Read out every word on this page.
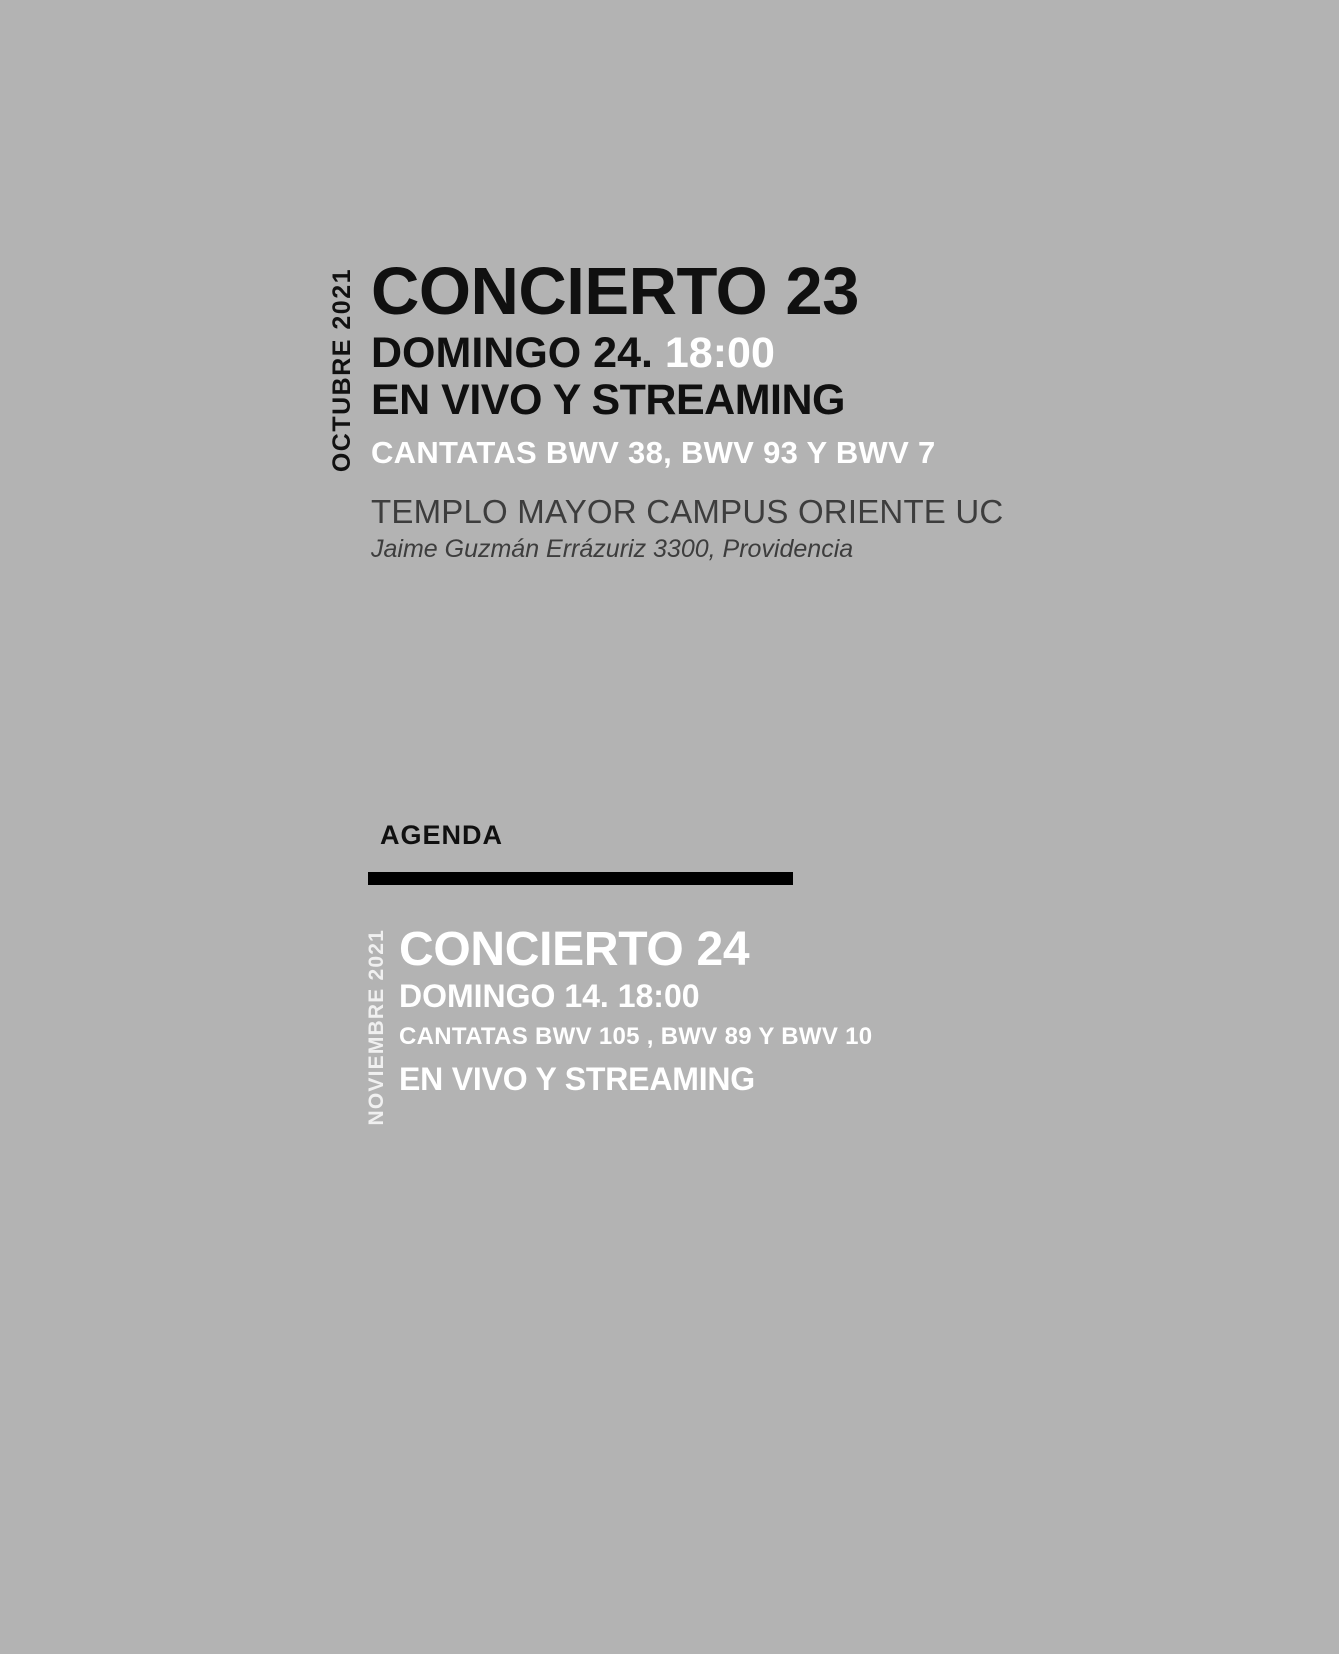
OCTUBRE 2021 CONCIERTO 23
DOMINGO 24. 18:00
EN VIVO Y STREAMING
CANTATAS BWV 38, BWV 93 Y BWV 7
TEMPLO MAYOR CAMPUS ORIENTE UC
Jaime Guzmán Errázuriz 3300, Providencia
AGENDA
NOVIEMBRE 2021 CONCIERTO 24
DOMINGO 14. 18:00
CANTATAS BWV 105 , BWV 89 Y BWV 10
EN VIVO Y STREAMING
